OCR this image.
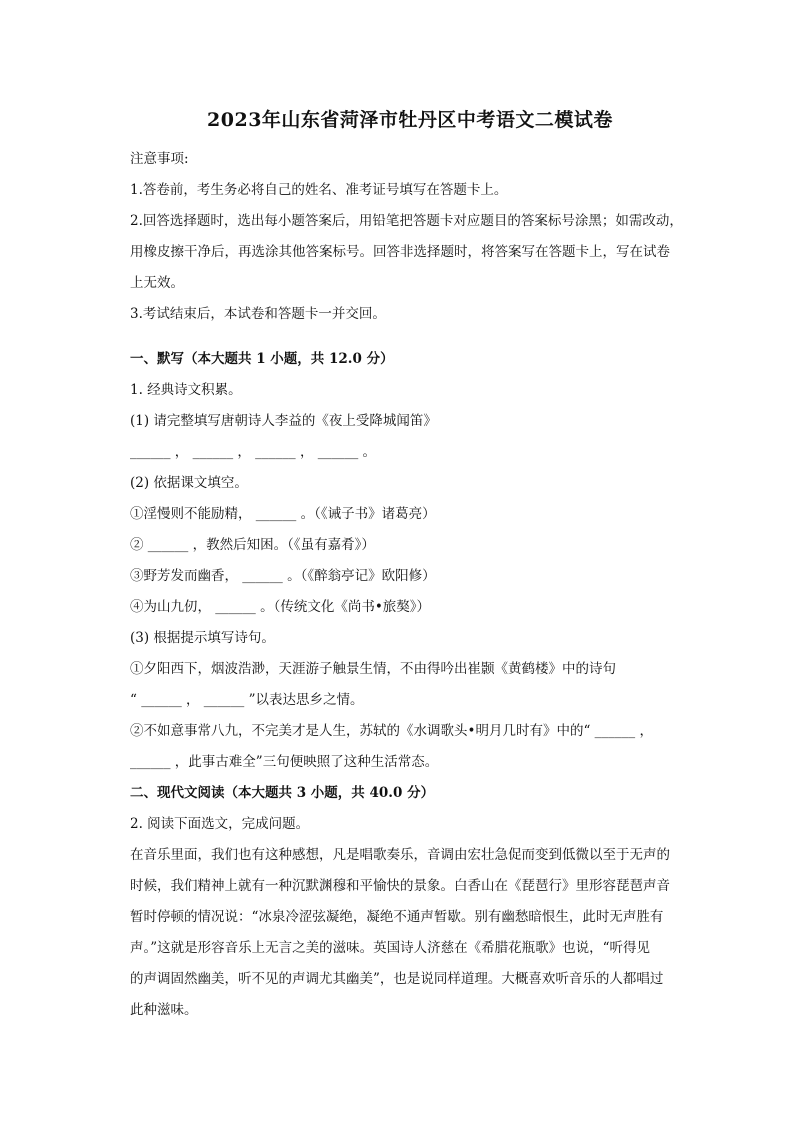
2023年山东省菏泽市牡丹区中考语文二模试卷
注意事项:
1.答卷前，考生务必将自己的姓名、准考证号填写在答题卡上。
2.回答选择题时，选出每小题答案后，用铅笔把答题卡对应题目的答案标号涂黑；如需改动，
用橡皮擦干净后，再选涂其他答案标号。回答非选择题时，将答案写在答题卡上，写在试卷
上无效。
3.考试结束后，本试卷和答题卡一并交回。
一、默写（本大题共 1 小题，共 12.0 分）
1. 经典诗文积累。
(1) 请完整填写唐朝诗人李益的《夜上受降城闻笛》
______ ， ______ ， ______ ， ______ 。
(2) 依据课文填空。
①淫慢则不能励精， ______ 。（《诫子书》诸葛亮）
② ______ ，教然后知困。（《虽有嘉肴》）
③野芳发而幽香， ______ 。（《醉翁亭记》欧阳修）
④为山九仞， ______ 。（传统文化《尚书•旅獒》）
(3) 根据提示填写诗句。
①夕阳西下，烟波浩渺，天涯游子触景生情，不由得吟出崔颢《黄鹤楼》中的诗句
“ ______ ， ______ ”以表达思乡之情。
②不如意事常八九，不完美才是人生，苏轼的《水调歌头•明月几时有》中的“ ______ ，
______ ，此事古难全”三句便映照了这种生活常态。
二、现代文阅读（本大题共 3 小题，共 40.0 分）
2. 阅读下面选文，完成问题。
在音乐里面，我们也有这种感想，凡是唱歌奏乐，音调由宏壮急促而变到低微以至于无声的
时候，我们精神上就有一种沉默渊穆和平愉快的景象。白香山在《琵琶行》里形容琵琶声音
暂时停顿的情况说：“冰泉冷涩弦凝绝，凝绝不通声暂歇。别有幽愁暗恨生，此时无声胜有
声。”这就是形容音乐上无言之美的滋味。英国诗人济慈在《希腊花瓶歌》也说，“听得见
的声调固然幽美，听不见的声调尤其幽美”，也是说同样道理。大概喜欢听音乐的人都唱过
此种滋味。
